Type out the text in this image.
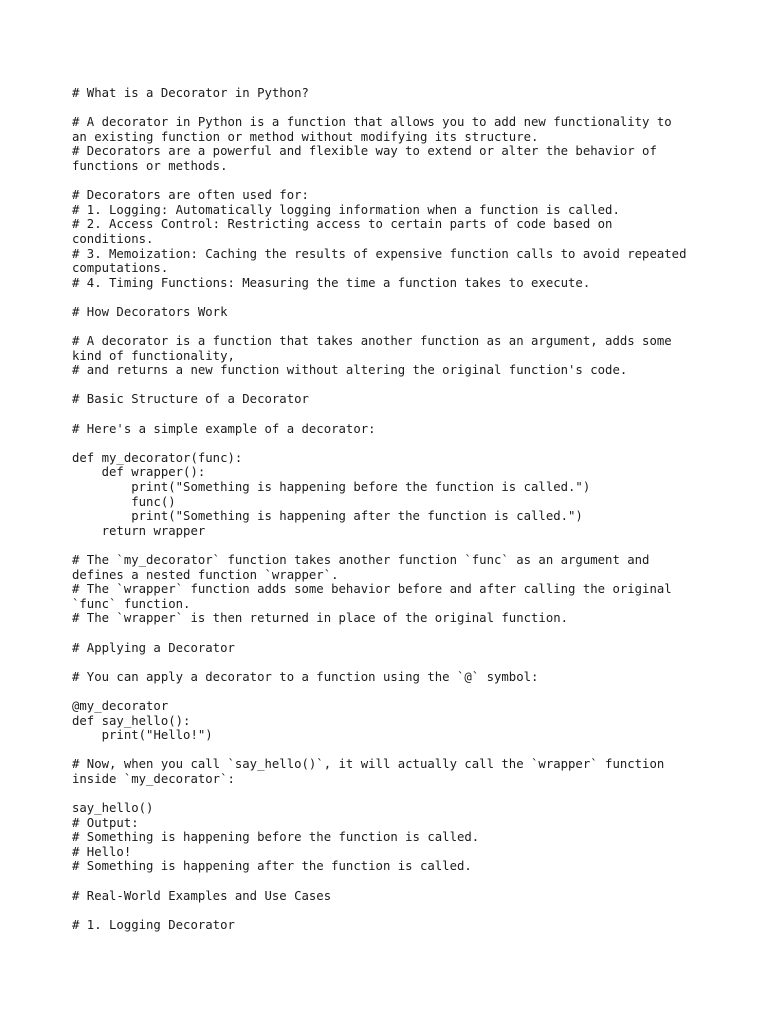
# What is a Decorator in Python?
# A decorator in Python is a function that allows you to add new functionality to
an existing function or method without modifying its structure.
# Decorators are a powerful and flexible way to extend or alter the behavior of
functions or methods.
# Decorators are often used for:
# 1. Logging: Automatically logging information when a function is called.
# 2. Access Control: Restricting access to certain parts of code based on
conditions.
# 3. Memoization: Caching the results of expensive function calls to avoid repeated
computations.
# 4. Timing Functions: Measuring the time a function takes to execute.
# How Decorators Work
# A decorator is a function that takes another function as an argument, adds some
kind of functionality,
# and returns a new function without altering the original function's code.
# Basic Structure of a Decorator
# Here's a simple example of a decorator:
def my_decorator(func):
def wrapper():
print("Something is happening before the function is called.")
func()
print("Something is happening after the function is called.")
return wrapper
# The `my_decorator` function takes another function `func` as an argument and
defines a nested function `wrapper`.
# The `wrapper` function adds some behavior before and after calling the original
`func` function.
# The `wrapper` is then returned in place of the original function.
# Applying a Decorator
# You can apply a decorator to a function using the `@` symbol:
@my_decorator
def say_hello():
print("Hello!")
# Now, when you call `say_hello()`, it will actually call the `wrapper` function
inside `my_decorator`:
say_hello()
# Output:
# Something is happening before the function is called.
# Hello!
# Something is happening after the function is called.
# Real-World Examples and Use Cases
# 1. Logging Decorator
